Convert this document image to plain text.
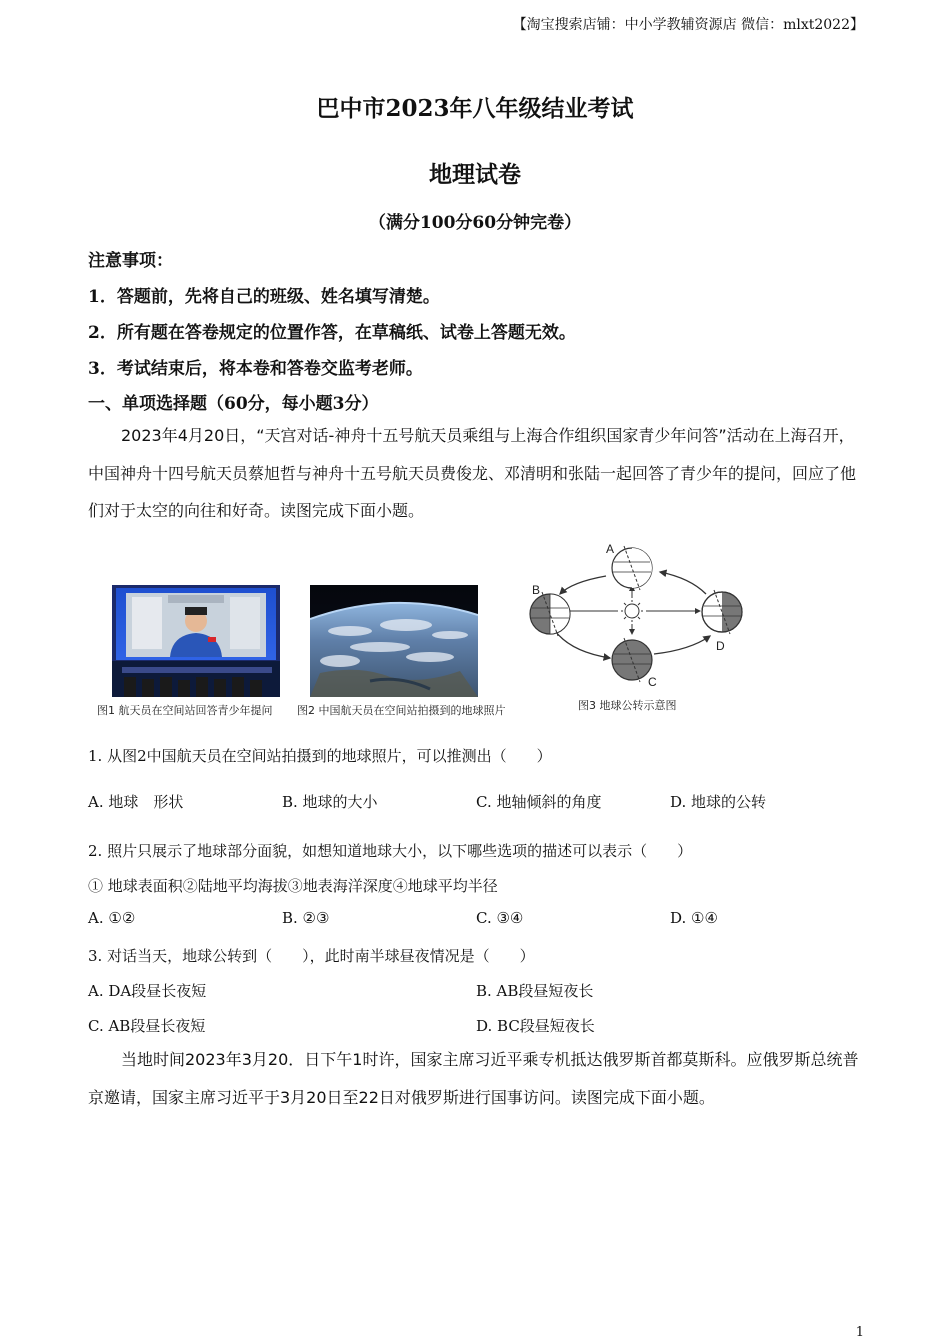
【淘宝搜索店铺：中小学教辅资源店 微信：mlxt2022】
巴中市2023年八年级结业考试
地理试卷
（满分100分60分钟完卷）
注意事项：
1．答题前，先将自己的班级、姓名填写清楚。
2．所有题在答卷规定的位置作答，在草稿纸、试卷上答题无效。
3．考试结束后，将本卷和答卷交监考老师。
一、单项选择题（60分，每小题3分）
2023年4月20日，“天宫对话-神舟十五号航天员乘组与上海合作组织国家青少年问答”活动在上海召开，中国神舟十四号航天员蔡旭哲与神舟十五号航天员费俊龙、邓清明和张陆一起回答了青少年的提问，回应了他们对于太空的向往和好奇。读图完成下面小题。
图1 航天员在空间站回答青少年提问 图2 中国航天员在空间站拍摄到的地球照片
A
B
C
D
图3 地球公转示意图
1. 从图2中国航天员在空间站拍摄到的地球照片，可以推测出（　　）
A. 地球　形状	B. 地球的大小	C. 地轴倾斜的角度	D. 地球的公转
2. 照片只展示了地球部分面貌，如想知道地球大小，以下哪些选项的描述可以表示（　　）
① 地球表面积②陆地平均海拔③地表海洋深度④地球平均半径
A. ①②	B. ②③	C. ③④	D. ①④
3. 对话当天，地球公转到（　　），此时南半球昼夜情况是（　　）
A. DA段昼长夜短	B. AB段昼短夜长
C. AB段昼长夜短	D. BC段昼短夜长
当地时间2023年3月20．日下午1时许，国家主席习近平乘专机抵达俄罗斯首都莫斯科。应俄罗斯总统普京邀请，国家主席习近平于3月20日至22日对俄罗斯进行国事访问。读图完成下面小题。
1
